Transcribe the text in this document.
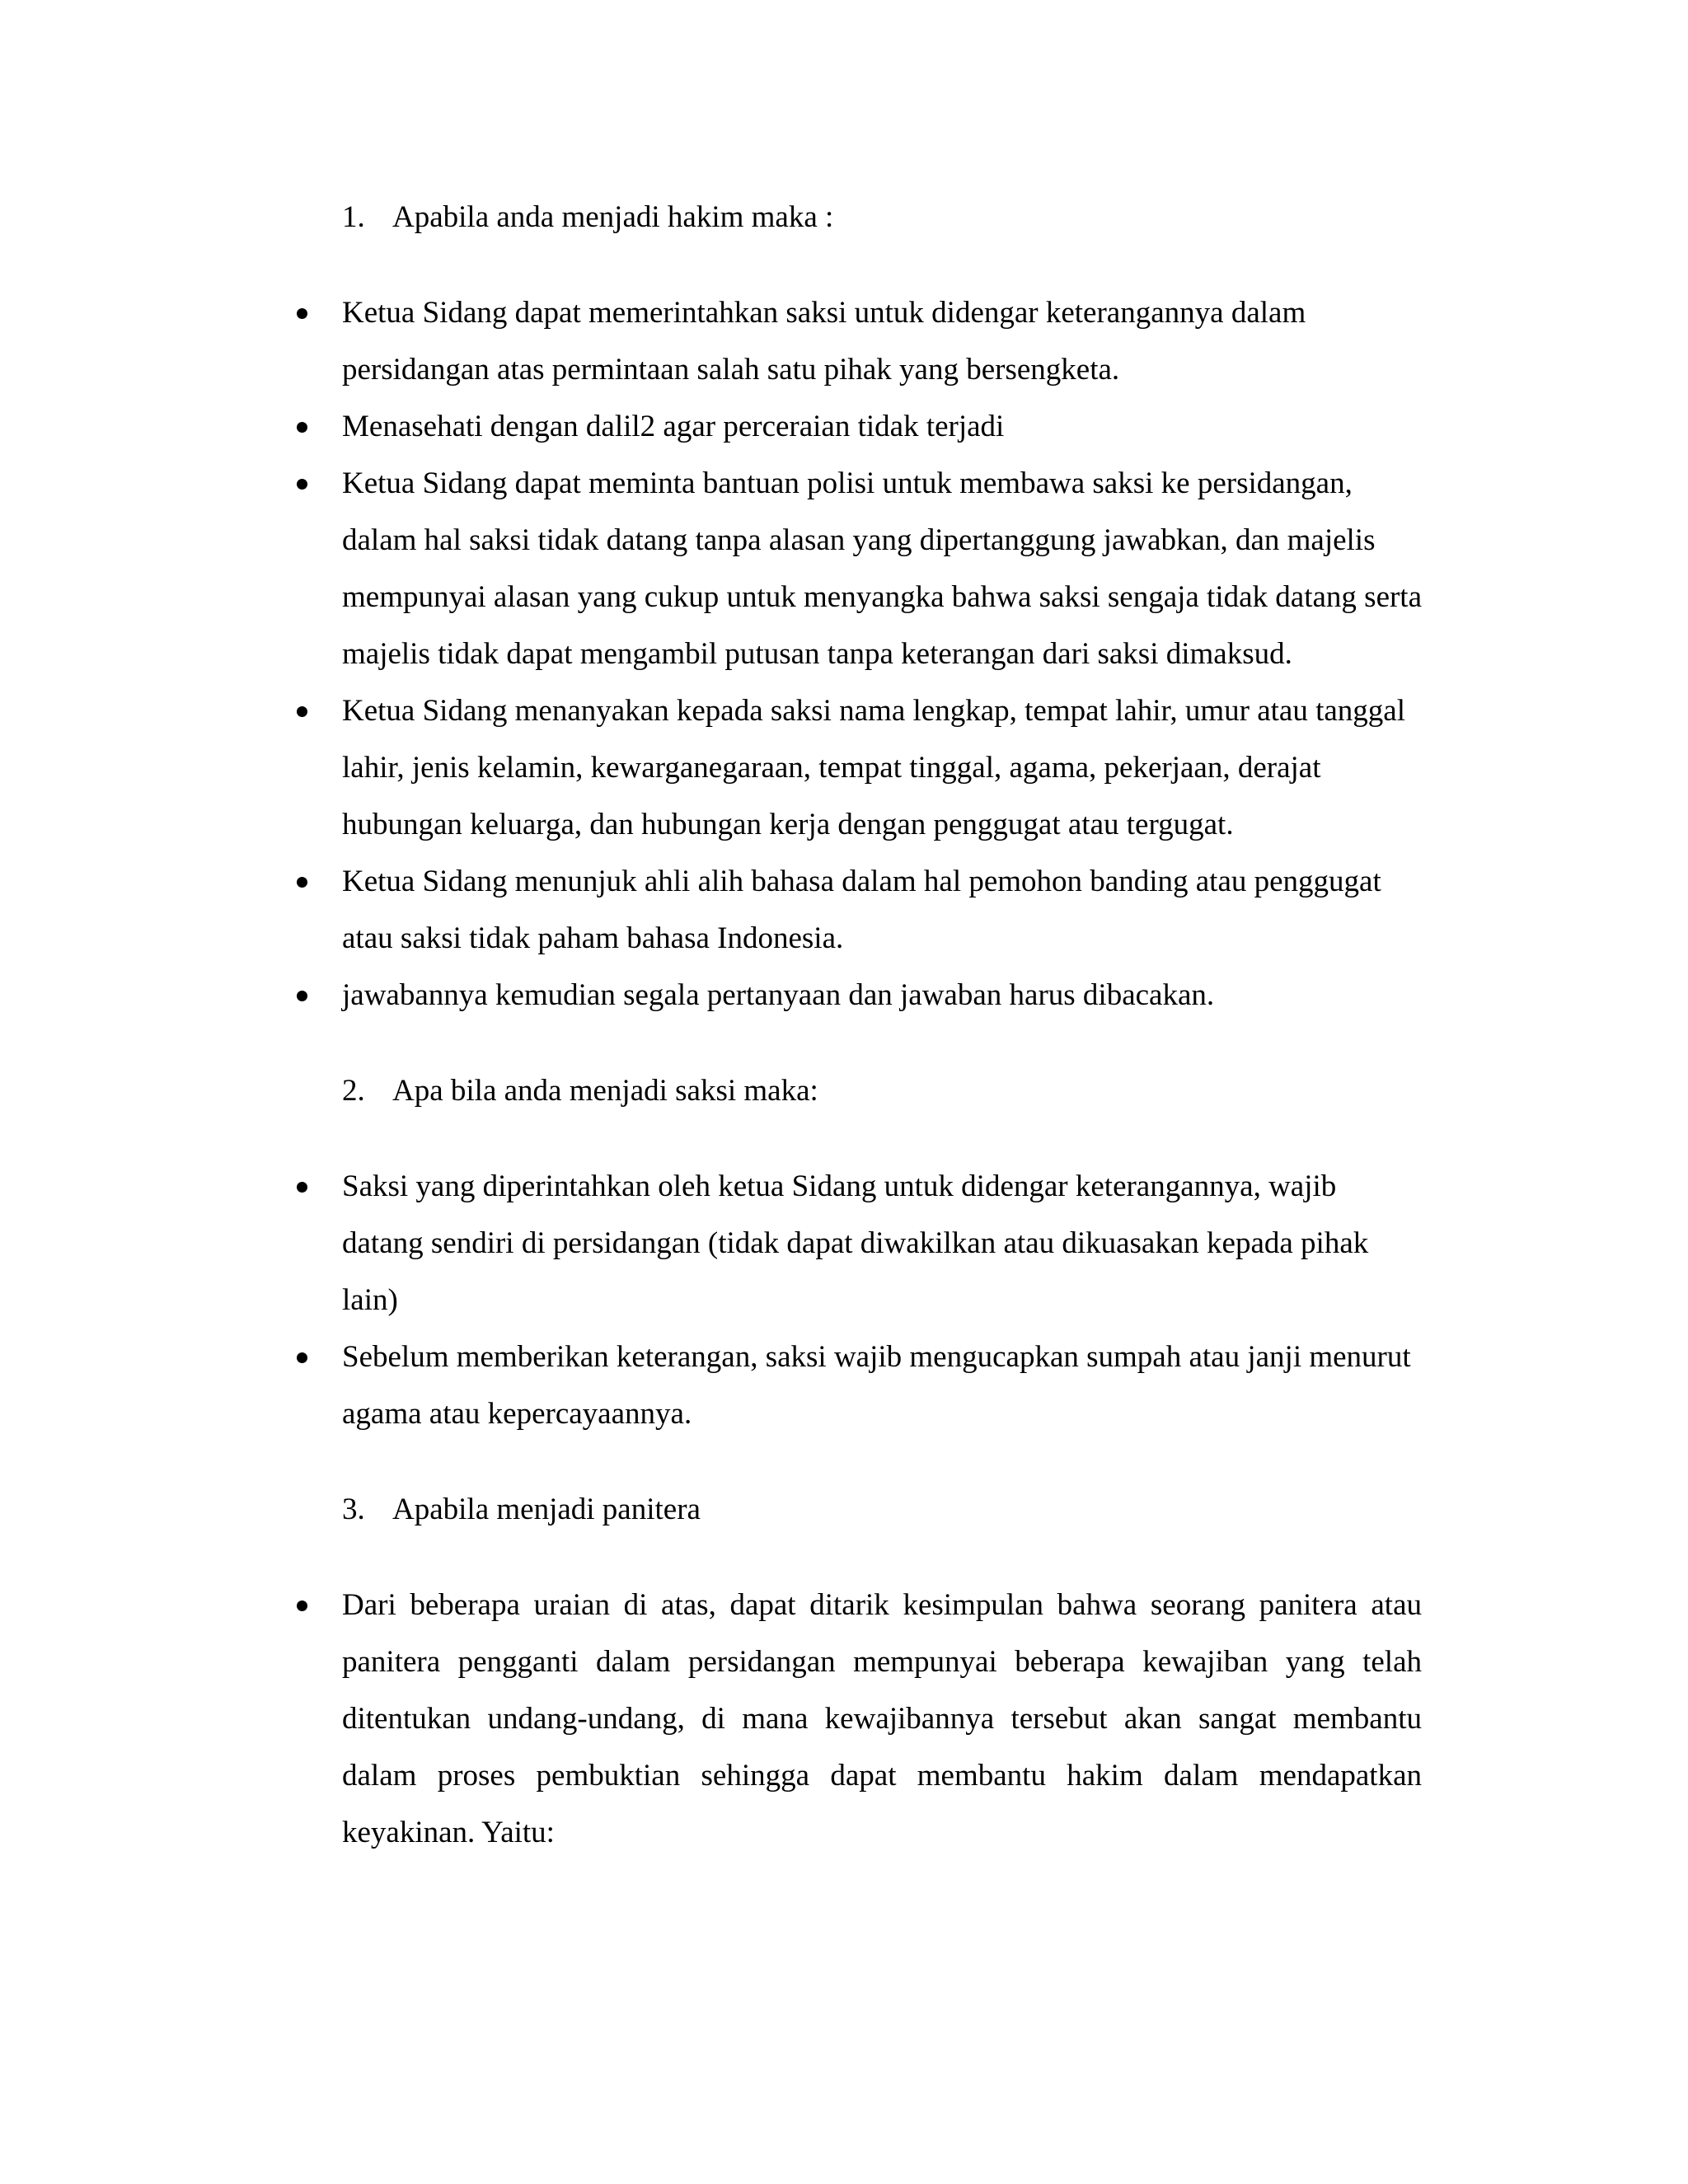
1. Apabila anda menjadi hakim maka :
Ketua Sidang dapat memerintahkan saksi untuk didengar keterangannya dalam persidangan atas permintaan salah satu pihak yang bersengketa.
Menasehati dengan dalil2 agar perceraian tidak terjadi
Ketua Sidang dapat meminta bantuan polisi untuk membawa saksi ke persidangan, dalam hal saksi tidak datang tanpa alasan yang dipertanggung jawabkan, dan majelis mempunyai alasan yang cukup untuk menyangka bahwa saksi sengaja tidak datang serta majelis tidak dapat mengambil putusan tanpa keterangan dari saksi dimaksud.
Ketua Sidang menanyakan kepada saksi nama lengkap, tempat lahir, umur atau tanggal lahir, jenis kelamin, kewarganegaraan, tempat tinggal, agama, pekerjaan, derajat hubungan keluarga, dan hubungan kerja dengan penggugat atau tergugat.
Ketua Sidang menunjuk ahli alih bahasa dalam hal pemohon banding atau penggugat atau saksi tidak paham bahasa Indonesia.
jawabannya kemudian segala pertanyaan dan jawaban harus dibacakan.
2. Apa bila anda menjadi saksi maka:
Saksi yang diperintahkan oleh ketua Sidang untuk didengar keterangannya, wajib datang sendiri di persidangan (tidak dapat diwakilkan atau dikuasakan kepada pihak lain)
Sebelum memberikan keterangan, saksi wajib mengucapkan sumpah atau janji menurut agama atau kepercayaannya.
3. Apabila menjadi panitera
Dari beberapa uraian di atas, dapat ditarik kesimpulan bahwa seorang panitera atau panitera pengganti dalam persidangan mempunyai beberapa kewajiban yang telah ditentukan undang-undang, di mana kewajibannya tersebut akan sangat membantu dalam proses pembuktian sehingga dapat membantu hakim dalam mendapatkan keyakinan. Yaitu:
